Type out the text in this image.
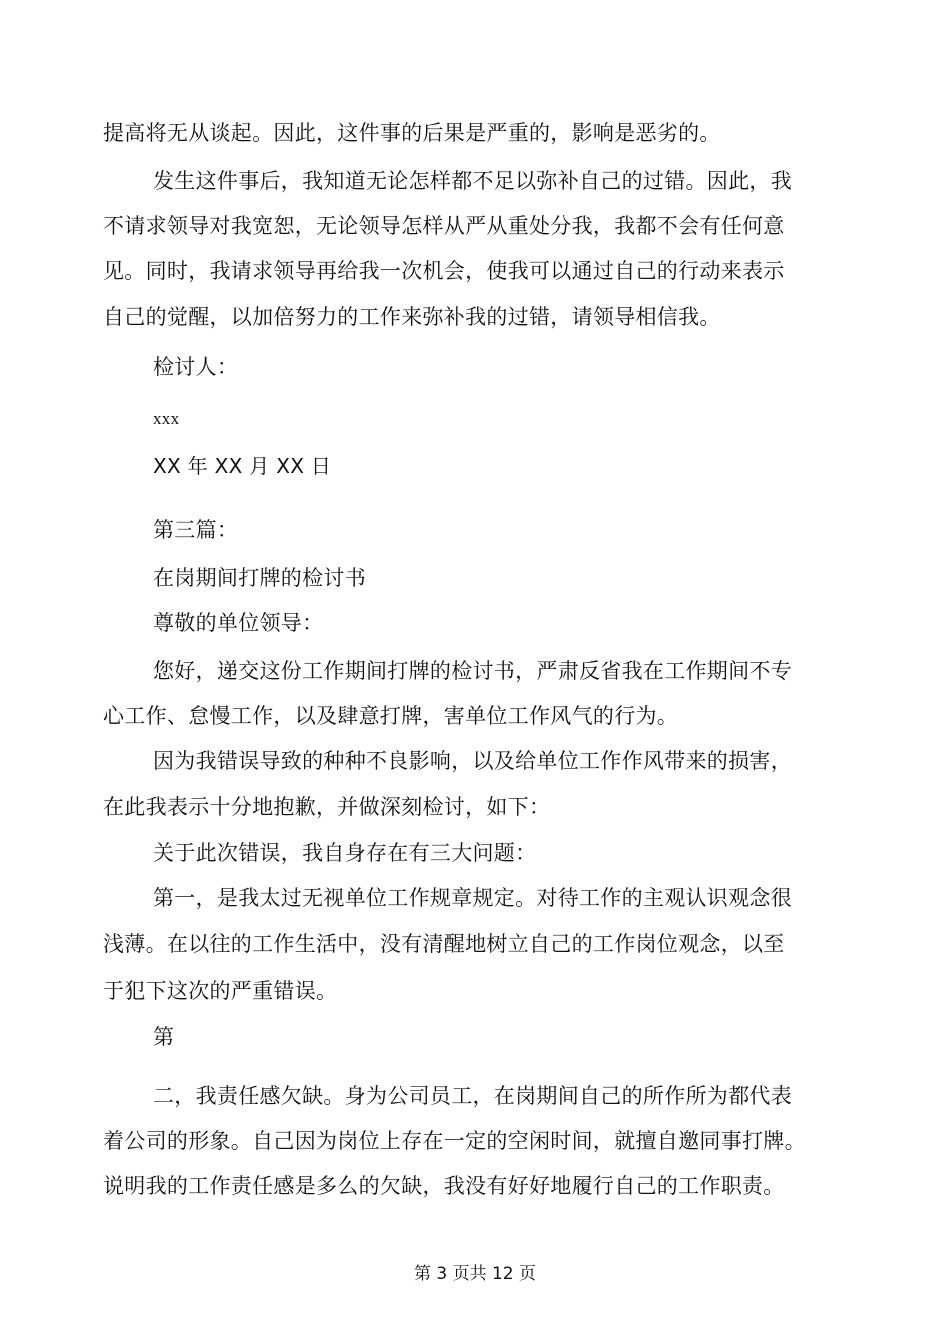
提高将无从谈起。因此，这件事的后果是严重的，影响是恶劣的。
发生这件事后，我知道无论怎样都不足以弥补自己的过错。因此，我
不请求领导对我宽恕，无论领导怎样从严从重处分我，我都不会有任何意
见。同时，我请求领导再给我一次机会，使我可以通过自己的行动来表示
自己的觉醒，以加倍努力的工作来弥补我的过错，请领导相信我。
检讨人：
xxx
XX 年 XX 月 XX 日
第三篇：
在岗期间打牌的检讨书
尊敬的单位领导：
您好，递交这份工作期间打牌的检讨书，严肃反省我在工作期间不专
心工作、怠慢工作，以及肆意打牌，害单位工作风气的行为。
因为我错误导致的种种不良影响，以及给单位工作作风带来的损害，
在此我表示十分地抱歉，并做深刻检讨，如下：
关于此次错误，我自身存在有三大问题：
第一，是我太过无视单位工作规章规定。对待工作的主观认识观念很
浅薄。在以往的工作生活中，没有清醒地树立自己的工作岗位观念，以至
于犯下这次的严重错误。
第
二，我责任感欠缺。身为公司员工，在岗期间自己的所作所为都代表
着公司的形象。自己因为岗位上存在一定的空闲时间，就擅自邀同事打牌。
说明我的工作责任感是多么的欠缺，我没有好好地履行自己的工作职责。
第 3 页共 12 页
